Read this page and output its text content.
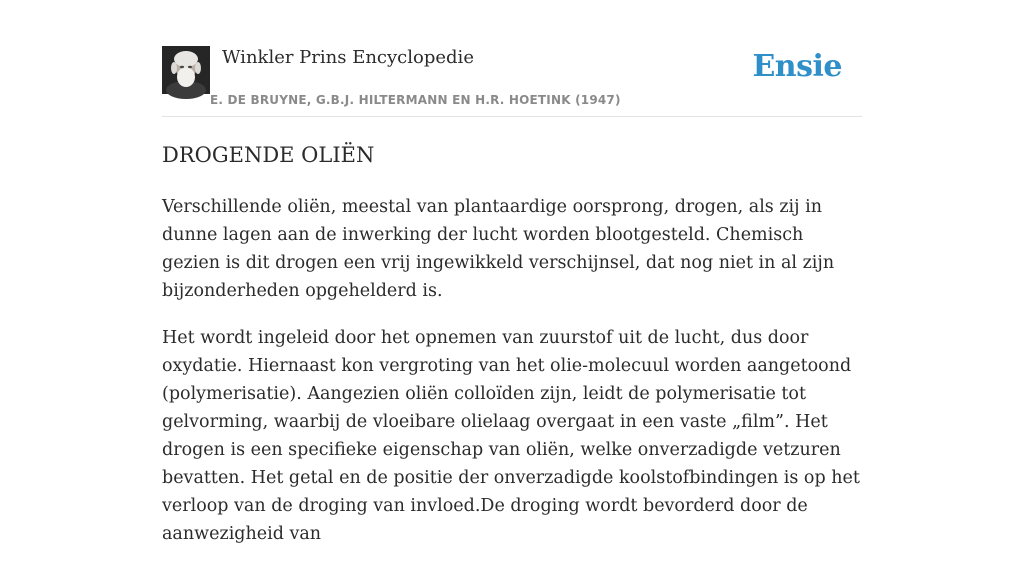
Winkler Prins Encyclopedie
E. DE BRUYNE, G.B.J. HILTERMANN EN H.R. HOETINK (1947)
Ensie
DROGENDE OLIËN

Verschillende oliën, meestal van plantaardige oorsprong, drogen, als zij in dunne lagen aan de inwerking der lucht worden blootgesteld. Chemisch gezien is dit drogen een vrij ingewikkeld verschijnsel, dat nog niet in al zijn bijzonderheden opgehelderd is.

Het wordt ingeleid door het opnemen van zuurstof uit de lucht, dus door oxydatie. Hiernaast kon vergroting van het olie-molecuul worden aangetoond (polymerisatie). Aangezien oliën colloïden zijn, leidt de polymerisatie tot gelvorming, waarbij de vloeibare olielaag overgaat in een vaste „film”. Het drogen is een specifieke eigenschap van oliën, welke onverzadigde vetzuren bevatten. Het getal en de positie der onverzadigde koolstofbindingen is op het verloop van de droging van invloed.De droging wordt bevorderd door de aanwezigheid van
